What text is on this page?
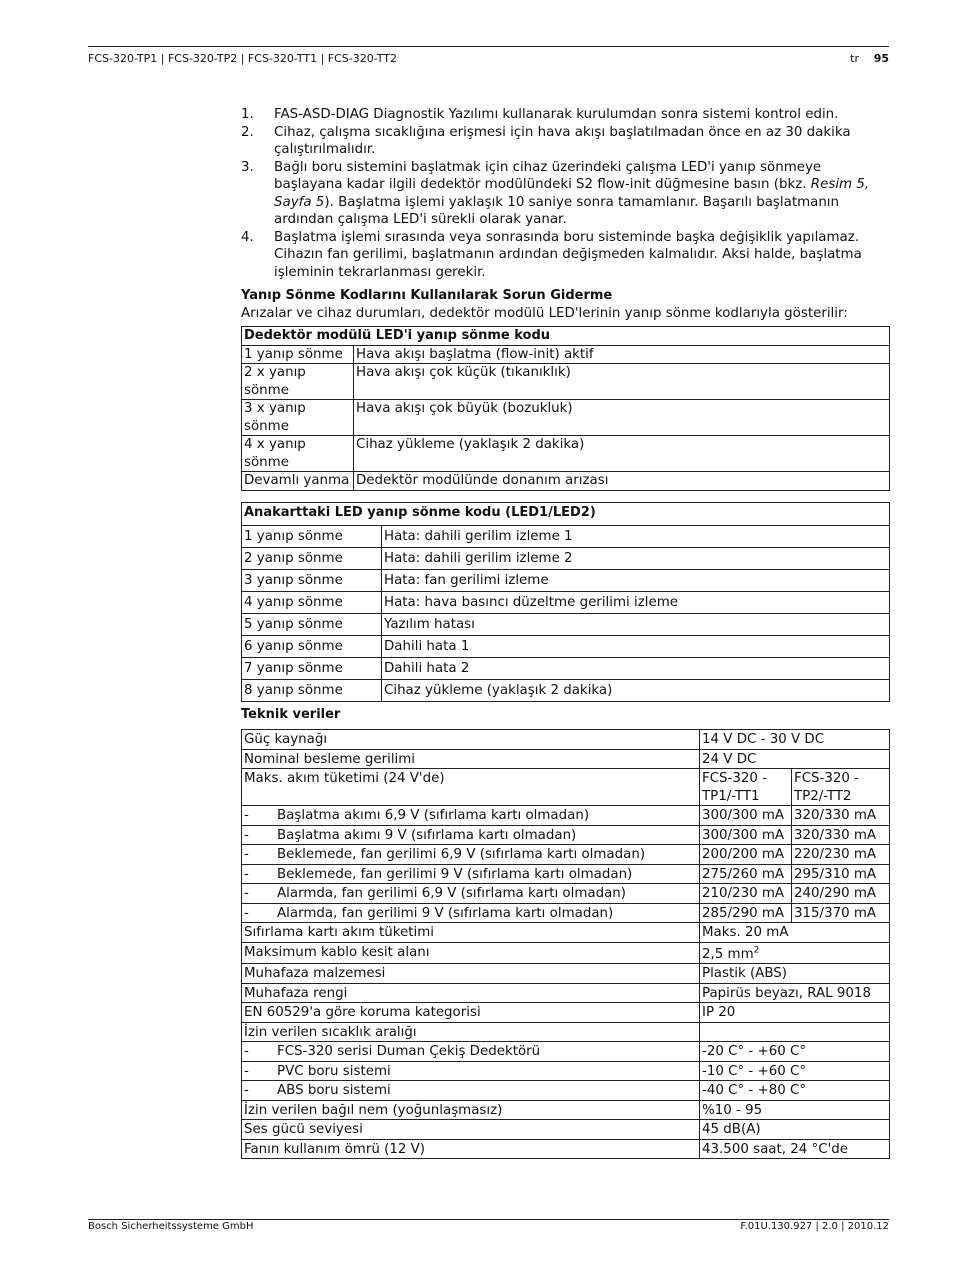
FCS-320-TP1 | FCS-320-TP2 | FCS-320-TT1 | FCS-320-TT2	tr 95
1. FAS-ASD-DIAG Diagnostik Yazılımı kullanarak kurulumdan sonra sistemi kontrol edin.
2. Cihaz, çalışma sıcaklığına erişmesi için hava akışı başlatılmadan önce en az 30 dakika çalıştırılmalıdır.
3. Bağlı boru sistemini başlatmak için cihaz üzerindeki çalışma LED'i yanıp sönmeye başlayana kadar ilgili dedektör modülündeki S2 flow-init düğmesine basın (bkz. Resim 5, Sayfa 5). Başlatma işlemi yaklaşık 10 saniye sonra tamamlanır. Başarılı başlatmanın ardından çalışma LED'i sürekli olarak yanar.
4. Başlatma işlemi sırasında veya sonrasında boru sisteminde başka değişiklik yapılamaz. Cihazın fan gerilimi, başlatmanın ardından değişmeden kalmalıdır. Aksi halde, başlatma işleminin tekrarlanması gerekir.
Yanıp Sönme Kodlarını Kullanılarak Sorun Giderme

Arızalar ve cihaz durumları, dedektör modülü LED'lerinin yanıp sönme kodlarıyla gösterilir:

Dedektör modülü LED'i yanıp sönme kodu	
1 yanıp sönme	Hava akışı başlatma (flow-init) aktif
2 x yanıp sönme	Hava akışı çok küçük (tıkanıklık)
3 x yanıp sönme	Hava akışı çok büyük (bozukluk)
4 x yanıp sönme	Cihaz yükleme (yaklaşık 2 dakika)
Devamlı yanma	Dedektör modülünde donanım arızası
Anakarttaki LED yanıp sönme kodu (LED1/LED2)	
1 yanıp sönme	Hata: dahili gerilim izleme 1
2 yanıp sönme	Hata: dahili gerilim izleme 2
3 yanıp sönme	Hata: fan gerilimi izleme
4 yanıp sönme	Hata: hava basıncı düzeltme gerilimi izleme
5 yanıp sönme	Yazılım hatası
6 yanıp sönme	Dahili hata 1
7 yanıp sönme	Dahili hata 2
8 yanıp sönme	Cihaz yükleme (yaklaşık 2 dakika)
Teknik veriler
Güç kaynağı	14 V DC - 30 V DC	
Nominal besleme gerilimi	24 V DC	
Maks. akım tüketimi (24 V'de)	FCS-320 -TP1/-TT1	FCS-320 -TP2/-TT2
- Başlatma akımı 6,9 V (sıfırlama kartı olmadan)	300/300 mA	320/330 mA
- Başlatma akımı 9 V (sıfırlama kartı olmadan)	300/300 mA	320/330 mA
- Beklemede, fan gerilimi 6,9 V (sıfırlama kartı olmadan)	200/200 mA	220/230 mA
- Beklemede, fan gerilimi 9 V (sıfırlama kartı olmadan)	275/260 mA	295/310 mA
- Alarmda, fan gerilimi 6,9 V (sıfırlama kartı olmadan)	210/230 mA	240/290 mA
- Alarmda, fan gerilimi 9 V (sıfırlama kartı olmadan)	285/290 mA	315/370 mA
Sıfırlama kartı akım tüketimi	Maks. 20 mA	
Maksimum kablo kesit alanı	2,5 $mm^2$
Muhafaza malzemesi	Plastik (ABS)	
Muhafaza rengi	Papirüs beyazı, RAL 9018	
EN 60529'a göre koruma kategorisi	IP 20	
İzin verilen sıcaklık aralığı		
- FCS-320 serisi Duman Çekiş Dedektörü	-20 C° - +60 C°	
- PVC boru sistemi	-10 C° - +60 C°	
- ABS boru sistemi	-40 C° - +80 C°	
İzin verilen bağıl nem (yoğunlaşmasız)	%10 - 95	
Ses gücü seviyesi	45 dB(A)	
Fanın kullanım ömrü (12 V)	43.500 saat, 24 °C'de	
Bosch Sicherheitssysteme GmbH	F.01U.130.927 | 2.0 | 2010.12
